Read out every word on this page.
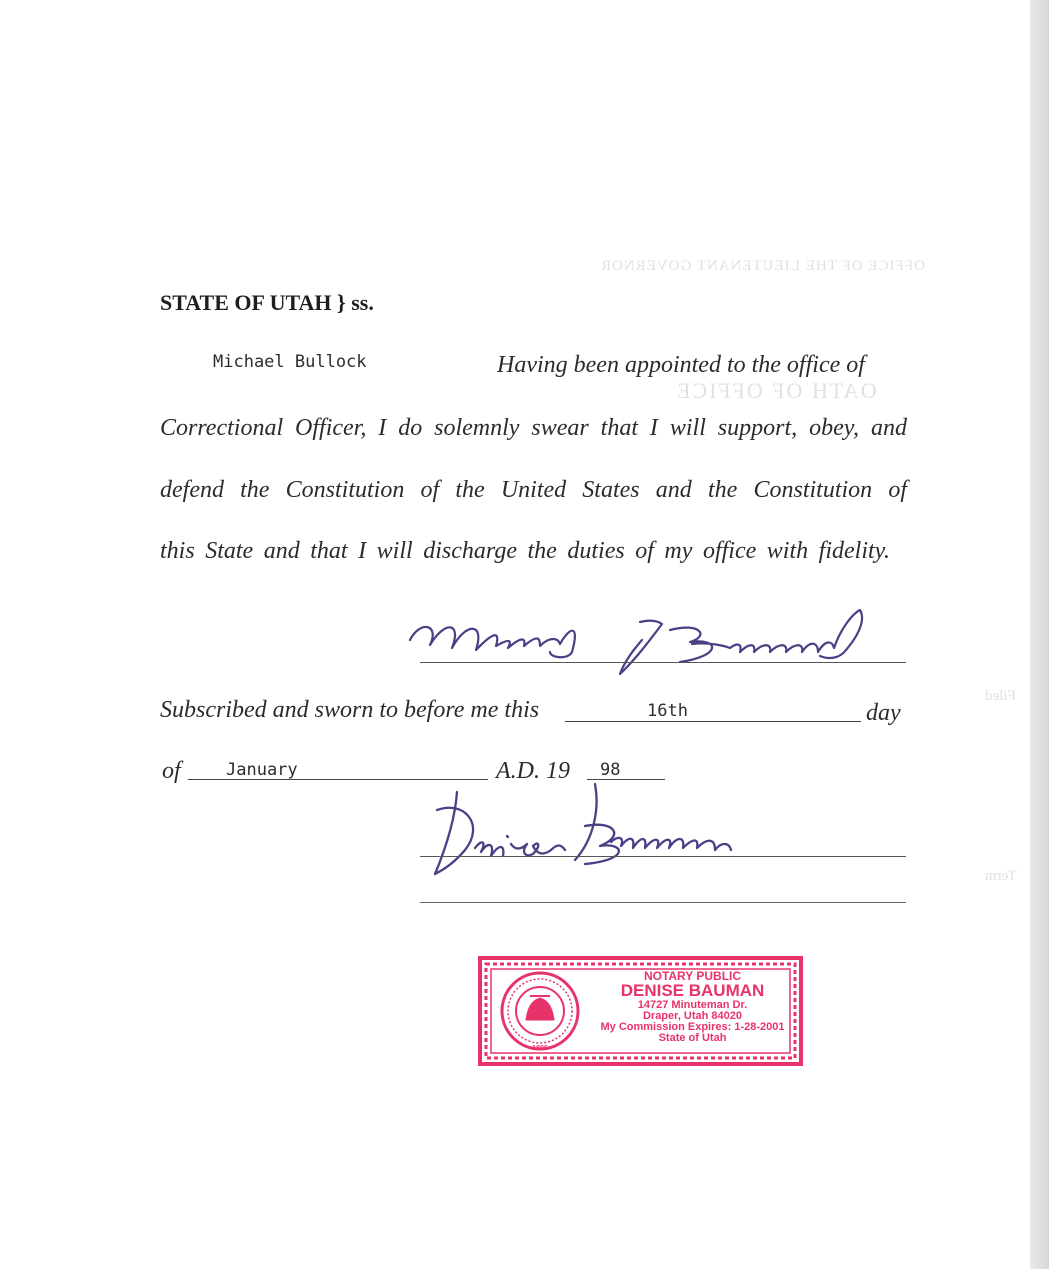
OFFICE OF THE LIEUTENANT GOVERNOR
OATH OF OFFICE
Filed
Term
STATE OF UTAH } ss.
Michael Bullock	Having been appointed to the office of
Correctional Officer, I do solemnly swear that I will support, obey, and
defend the Constitution of the United States and the Constitution of
this State and that I will discharge the duties of my office with fidelity.
Subscribed and sworn to before me this	16th	day
of	January	A.D. 19 98
1896
NOTARY PUBLIC
DENISE BAUMAN
14727 Minuteman Dr.
Draper, Utah 84020
My Commission Expires: 1-28-2001
State of Utah
